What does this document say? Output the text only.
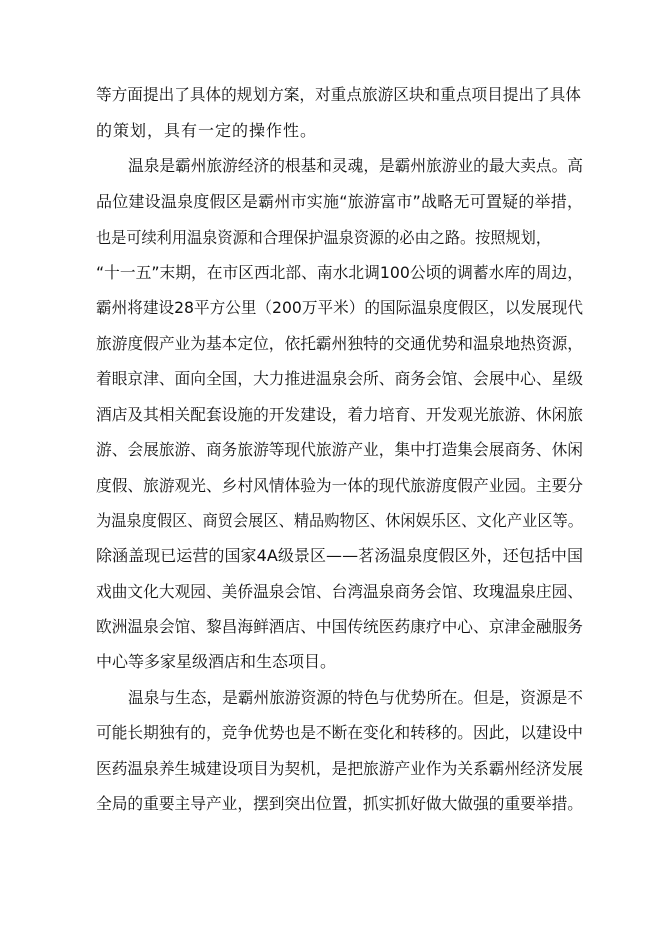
等方面提出了具体的规划方案，对重点旅游区块和重点项目提出了具体
的策划，具有一定的操作性。
温泉是霸州旅游经济的根基和灵魂，是霸州旅游业的最大卖点。高
品位建设温泉度假区是霸州市实施“旅游富市”战略无可置疑的举措，
也是可续利用温泉资源和合理保护温泉资源的必由之路。按照规划，
“十一五”末期，在市区西北部、南水北调100公顷的调蓄水库的周边，
霸州将建设28平方公里（200万平米）的国际温泉度假区，以发展现代
旅游度假产业为基本定位，依托霸州独特的交通优势和温泉地热资源，
着眼京津、面向全国，大力推进温泉会所、商务会馆、会展中心、星级
酒店及其相关配套设施的开发建设，着力培育、开发观光旅游、休闲旅
游、会展旅游、商务旅游等现代旅游产业，集中打造集会展商务、休闲
度假、旅游观光、乡村风情体验为一体的现代旅游度假产业园。主要分
为温泉度假区、商贸会展区、精品购物区、休闲娱乐区、文化产业区等。
除涵盖现已运营的国家4A级景区——茗汤温泉度假区外，还包括中国
戏曲文化大观园、美侨温泉会馆、台湾温泉商务会馆、玫瑰温泉庄园、
欧洲温泉会馆、黎昌海鲜酒店、中国传统医药康疗中心、京津金融服务
中心等多家星级酒店和生态项目。
温泉与生态，是霸州旅游资源的特色与优势所在。但是，资源是不
可能长期独有的，竞争优势也是不断在变化和转移的。因此，以建设中
医药温泉养生城建设项目为契机，是把旅游产业作为关系霸州经济发展
全局的重要主导产业，摆到突出位置，抓实抓好做大做强的重要举措。
